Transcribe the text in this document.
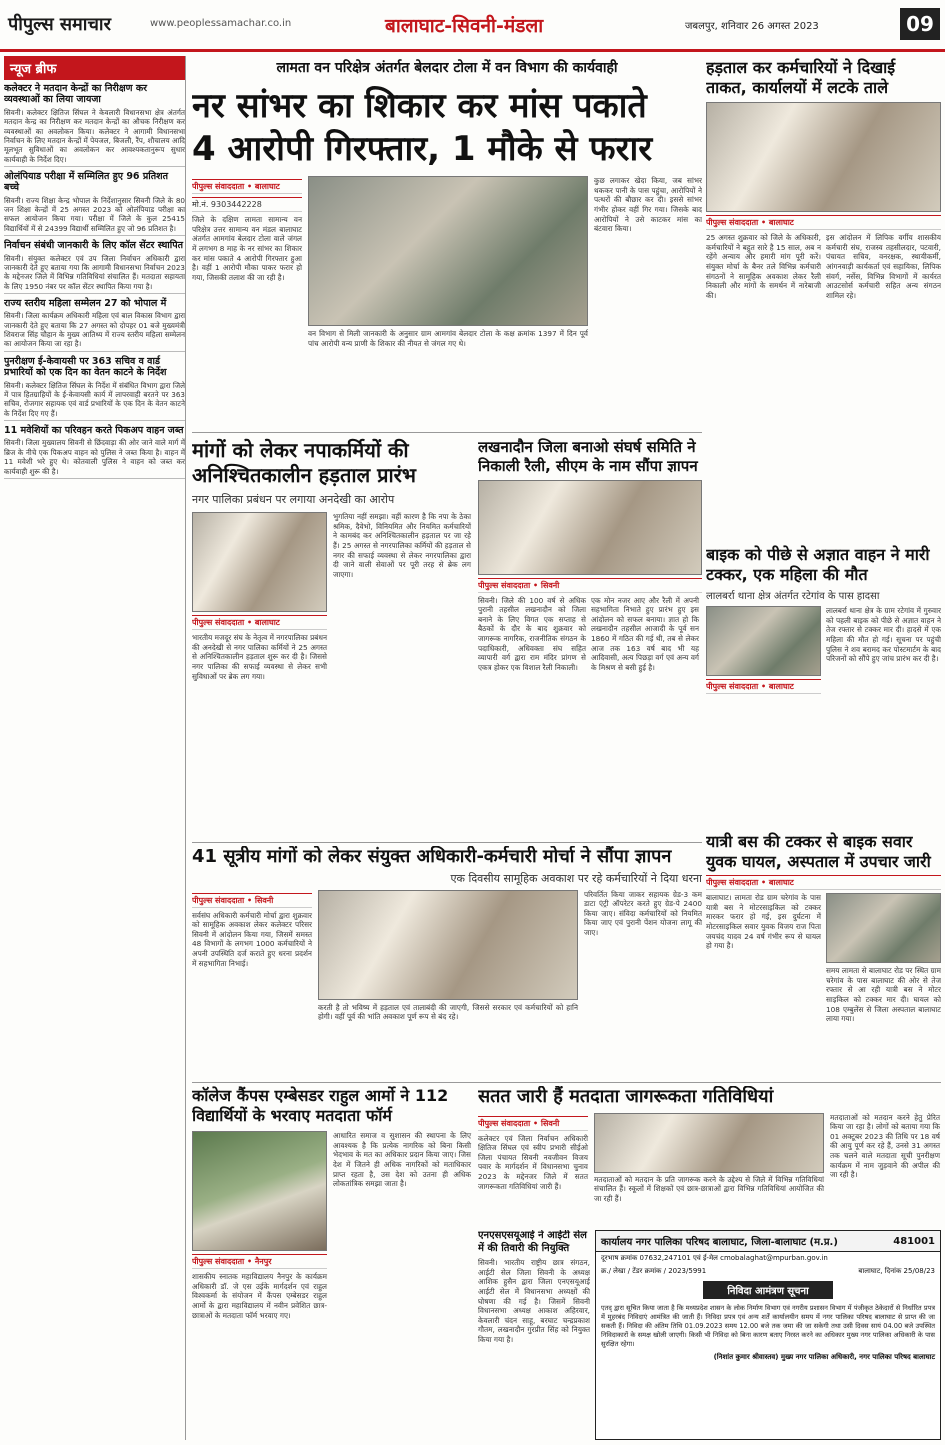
पीपुल्स समाचार	www.peoplessamachar.co.in	बालाघाट-सिवनी-मंडला	जबलपुर, शनिवार 26 अगस्त 2023	09
न्यूज ब्रीफ
कलेक्टर ने मतदान केन्द्रों का निरीक्षण कर व्यवस्थाओं का लिया जायजा

सिवनी। कलेक्टर क्षितिज सिंघल ने केवलारी विधानसभा क्षेत्र अंतर्गत मतदान केन्द्र का निरीक्षण कर मतदान केन्द्रों का औचक निरीक्षण कर व्यवस्थाओं का अवलोकन किया। कलेक्टर ने आगामी विधानसभा निर्वाचन के लिए मतदान केन्द्रों में पेयजल, बिजली, रैंप, शौचालय आदि मूलभूत सुविधाओं का अवलोकन कर आवश्यकतानुरूप सुधार कार्यवाही के निर्देश दिए।

ओलंपियाड परीक्षा में सम्मिलित हुए 96 प्रतिशत बच्चे

सिवनी। राज्य शिक्षा केन्द्र भोपाल के निर्देशानुसार सिवनी जिले के 80 जन शिक्षा केन्द्रों में 25 अगस्त 2023 को ओलंपियाड परीक्षा का सफल आयोजन किया गया। परीक्षा में जिले के कुल 25415 विद्यार्थियों में से 24399 विद्यार्थी सम्मिलित हुए जो 96 प्रतिशत है।

निर्वाचन संबंधी जानकारी के लिए कॉल सेंटर स्थापित

सिवनी। संयुक्त कलेक्टर एवं उप जिला निर्वाचन अधिकारी द्वारा जानकारी देते हुए बताया गया कि आगामी विधानसभा निर्वाचन 2023 के मद्देनजर जिले में विभिन्न गतिविधियां संचालित हैं। मतदाता सहायता के लिए 1950 नंबर पर कॉल सेंटर स्थापित किया गया है।

राज्य स्तरीय महिला सम्मेलन 27 को भोपाल में

सिवनी। जिला कार्यक्रम अधिकारी महिला एवं बाल विकास विभाग द्वारा जानकारी देते हुए बताया कि 27 अगस्त को दोपहर 01 बजे मुख्यमंत्री शिवराज सिंह चौहान के मुख्य आतिथ्य में राज्य स्तरीय महिला सम्मेलन का आयोजन किया जा रहा है।

पुनरीक्षण ई-केवायसी पर 363 सचिव व वार्ड प्रभारियों को एक दिन का वेतन काटने के निर्देश

सिवनी। कलेक्टर क्षितिज सिंघल के निर्देश में संबंधित विभाग द्वारा जिले में पात्र हितग्राहियों के ई-केवायसी कार्य में लापरवाही बरतने पर 363 सचिव, रोजगार सहायक एवं वार्ड प्रभारियों के एक दिन के वेतन काटने के निर्देश दिए गए हैं।

11 मवेशियों का परिवहन करते पिकअप वाहन जब्त

सिवनी। जिला मुख्यालय सिवनी से छिंदवाड़ा की ओर जाने वाले मार्ग में ब्रिज के नीचे एक पिकअप वाहन को पुलिस ने जब्त किया है। वाहन में 11 मवेशी भरे हुए थे। कोतवाली पुलिस ने वाहन को जब्त कर कार्यवाही शुरू की है।

लामता वन परिक्षेत्र अंतर्गत बेलदार टोला में वन विभाग की कार्यवाही
नर सांभर का शिकार कर मांस पकाते
4 आरोपी गिरफ्तार, 1 मौके से फरार
पीपुल्स संवाददाता • बालाघाट
मो.नं. 9303442228
जिले के दक्षिण लामता सामान्य वन परिक्षेत्र उत्तर सामान्य वन मंडल बालाघाट अंतर्गत आमगांव बेलदार टोला वाले जंगल में लगभग 8 माह के नर सांभर का शिकार कर मांस पकाते 4 आरोपी गिरफ्तार हुआ है। वहीं 1 आरोपी मौका पाकर फरार हो गया, जिसकी तलाश की जा रही है।
वन विभाग से मिली जानकारी के अनुसार ग्राम आमगांव बेलदार टोला के कक्ष क्रमांक 1397 में दिन पूर्व पांच आरोपी वन्य प्राणी के शिकार की नीयत से जंगल गए थे।
कुछ लगाकर खेदा किया, जब सांभर थककर पानी के पास पहुंचा, आरोपियों ने पत्थरों की बौछार कर दी। इससे सांभर गंभीर होकर वहीं गिर गया। जिसके बाद आरोपियों ने उसे काटकर मांस का बंटवारा किया।
हड़ताल कर कर्मचारियों ने दिखाई ताकत, कार्यालयों में लटके ताले
पीपुल्स संवाददाता • बालाघाट
25 अगस्त शुक्रवार को जिले के अधिकारी, कर्मचारियों ने बहुत सारे है 15 साल, अब न रहेंगे अन्याय और हमारी मांग पूरी करें। संयुक्त मोर्चा के बैनर तले विभिन्न कर्मचारी संगठनों ने सामूहिक अवकाश लेकर रैली निकाली और मांगों के समर्थन में नारेबाजी की।
इस आंदोलन में लिपिक वर्गीय शासकीय कर्मचारी संघ, राजस्व तहसीलदार, पटवारी, पंचायत सचिव, वनरक्षक, स्थायीकर्मी, आंगनवाड़ी कार्यकर्ता एवं सहायिका, लिपिक संवर्ग, नर्सेस, विभिन्न विभागों में कार्यरत आउटसोर्स कर्मचारी सहित अन्य संगठन शामिल रहे।
मांगों को लेकर नपाकर्मियों की अनिश्चितकालीन हड़ताल प्रारंभ
नगर पालिका प्रबंधन पर लगाया अनदेखी का आरोप
पीपुल्स संवाददाता • बालाघाट
भारतीय मजदूर संघ के नेतृत्व में नगरपालिका प्रबंधन की अनदेखी से नगर पालिका कर्मियों ने 25 अगस्त से अनिश्चितकालीन हड़ताल शुरू कर दी है। जिससे नगर पालिका की सफाई व्यवस्था से लेकर सभी सुविधाओं पर ब्रेक लग गया।
भुगतिया नहीं समझा। वहीं कारण है कि नपा के ठेका श्रमिक, दैवेभो, विनियमित और नियमित कर्मचारियों ने कामबंद कर अनिश्चितकालीन हड़ताल पर जा रहे हैं। 25 अगस्त से नगरपालिका कर्मियों की हड़ताल से नगर की सफाई व्यवस्था से लेकर नगरपालिका द्वारा दी जाने वाली सेवाओं पर पूरी तरह से ब्रेक लग जाएगा।
लखनादौन जिला बनाओ संघर्ष समिति ने निकाली रैली, सीएम के नाम सौंपा ज्ञापन
पीपुल्स संवाददाता • सिवनी
सिवनी। जिले की 100 वर्ष से अधिक पुरानी तहसील लखनादौन को जिला बनाने के लिए विगत एक सप्ताह से बैठकों के दौर के बाद शुक्रवार को जागरूक नागरिक, राजनीतिक संगठन के पदाधिकारी, अधिवक्ता संघ सहित व्यापारी वर्ग द्वारा राम मंदिर प्रांगण से एकत्र होकर एक विशाल रैली निकाली।
एक मोन नजर आए और रैली में अपनी सहभागिता निभाते हुए प्रारंभ हुए इस आंदोलन को सफल बनाया। ज्ञात हो कि लखनादौन तहसील आजादी के पूर्व सन 1860 में गठित की गई थी, तब से लेकर आज तक 163 वर्ष बाद भी यह आदिवासी, अत्य पिछड़ा वर्ग एवं अन्य वर्ग के मिश्रण से बसी हुई है।
बाइक को पीछे से अज्ञात वाहन ने मारी टक्कर, एक महिला की मौत
लालबर्रा थाना क्षेत्र अंतर्गत रटेगांव के पास हादसा
पीपुल्स संवाददाता • बालाघाट
लालबर्रा थाना क्षेत्र के ग्राम रटेगांव में गुरुवार को पहली बाइक को पीछे से अज्ञात वाहन ने तेज रफ्तार से टक्कर मार दी। हादसे में एक महिला की मौत हो गई। सूचना पर पहुंची पुलिस ने शव बरामद कर पोस्टमार्टम के बाद परिजनों को सौंपे हुए जांच प्रारंभ कर दी है।
41 सूत्रीय मांगों को लेकर संयुक्त अधिकारी-कर्मचारी मोर्चा ने सौंपा ज्ञापन
एक दिवसीय सामूहिक अवकाश पर रहे कर्मचारियों ने दिया धरना
पीपुल्स संवाददाता • सिवनी
सर्वसंघ अधिकारी कर्मचारी मोर्चा द्वारा शुक्रवार को सामूहिक अवकाश लेकर कलेक्टर परिसर सिवनी में आंदोलन किया गया, जिसमें समस्त 48 विभागों के लगभग 1000 कर्मचारियों ने अपनी उपस्थिति दर्ज कराते हुए धरना प्रदर्शन में सहभागिता निभाई।
करती है तो भविष्य में हड़ताल एवं तालाबंदी की जाएगी, जिससे सरकार एवं कर्मचारियों को हानि होगी। वहीं पूर्व की भांति अवकाश पूर्ण रूप से बंद रहे।
परिवर्तित किया जाकर सहायक ग्रेड-3 कम डाटा एंट्री ऑपरेटर करते हुए ग्रेड-पे 2400 किया जाए। संविदा कर्मचारियों को नियमित किया जाए एवं पुरानी पेंशन योजना लागू की जाए।
यात्री बस की टक्कर से बाइक सवार युवक घायल, अस्पताल में उपचार जारी
पीपुल्स संवाददाता • बालाघाट
बालाघाट। लामता रोड ग्राम चरेगांव के पास यात्री बस ने मोटरसाइकिल को टक्कर मारकर फरार हो गई, इस दुर्घटना में मोटरसाइकिल सवार युवक विजय राज पिता जयचंद यादव 24 वर्ष गंभीर रूप से घायल हो गया है।
समय लामता से बालाघाट रोड पर स्थित ग्राम चरेगांव के पास बालाघाट की ओर से तेज रफ्तार से आ रही यात्री बस ने मोटर साइकिल को टक्कर मार दी। घायल को 108 एम्बुलेंस से जिला अस्पताल बालाघाट लाया गया।
कॉलेज कैंपस एम्बेसडर राहुल आर्मो ने 112 विद्यार्थियों के भरवाए मतदाता फॉर्म
पीपुल्स संवाददाता • नैनपुर
शासकीय स्नातक महाविद्यालय नैनपुर के कार्यक्रम अधिकारी डॉ. जे एस उईके मार्गदर्शन एवं राहुल विश्वकर्मा के संयोजन में कैंपस एम्बेसडर राहुल आर्मो के द्वारा महाविद्यालय में नवीन प्रवेशित छात्र-छात्राओं के मतदाता फॉर्म भरवाए गए।
आधारित समाज व सुशासन की स्थापना के लिए आवश्यक है कि प्रत्येक नागरिक को बिना किसी भेदभाव के मत का अधिकार प्रदान किया जाए। जिस देश में जितने ही अधिक नागरिकों को मताधिकार प्राप्त रहता है, उस देश को उतना ही अधिक लोकतांत्रिक समझा जाता है।
सतत जारी हैं मतदाता जागरूकता गतिविधियां
पीपुल्स संवाददाता • सिवनी
कलेक्टर एवं जिला निर्वाचन अधिकारी क्षितिज सिंघल एवं स्वीप प्रभारी सीईओ जिला पंचायत सिवनी नवजीवन विजय पवार के मार्गदर्शन में विधानसभा चुनाव 2023 के मद्देनजर जिले में सतत जागरूकता गतिविधियां जारी हैं।
मतदाताओं को मतदान के प्रति जागरूक करने के उद्देश्य से जिले में विभिन्न गतिविधियां संचालित हैं। स्कूलों में शिक्षकों एवं छात्र-छात्राओं द्वारा विभिन्न गतिविधियां आयोजित की जा रही हैं।
मतदाताओं को मतदान करने हेतु प्रेरित किया जा रहा है। लोगों को बताया गया कि 01 अक्टूबर 2023 की तिथि पर 18 वर्ष की आयु पूर्ण कर रहे हैं, उनसे 31 अगस्त तक चलने वाले मतदाता सूची पुनरीक्षण कार्यक्रम में नाम जुड़वाने की अपील की जा रही है।
एनएसएसयूआई ने आईटी सेल में की तिवारी की नियुक्ति
सिवनी। भारतीय राष्ट्रीय छात्र संगठन, आईटी सेल जिला सिवनी के अध्यक्ष आशिक हुसैन द्वारा जिला एनएसयूआई आईटी सेल में विधानसभा अध्यक्षों की घोषणा की गई है। जिसमें सिवनी विधानसभा अध्यक्ष आकाश अहिरवार, केवलारी चंदन साहू, बरघाट चन्द्रप्रकाश गौतम, लखनादौन गुरप्रीत सिंह को नियुक्त किया गया है।
कार्यालय नगर पालिका परिषद बालाघाट, जिला-बालाघाट (म.प्र.)	481001
दूरभाष क्रमांक 07632,247101 एवं ई-मेल cmobalaghat@mpurban.gov.in
क्र./ लेखा / टेंडर क्रमांक / 2023/5991	बालाघाट, दिनांक 25/08/23
निविदा आमंत्रण सूचना
एतद् द्वारा सूचित किया जाता है कि मध्यप्रदेश शासन के लोक निर्माण विभाग एवं नगरीय प्रशासन विभाग में पंजीकृत ठेकेदारों से निर्धारित प्रपत्र में मुहरबंद निविदाएं आमंत्रित की जाती हैं। निविदा प्रपत्र एवं अन्य शर्तें कार्यालयीन समय में नगर पालिका परिषद बालाघाट से प्राप्त की जा सकती हैं। निविदा की अंतिम तिथि 01.09.2023 समय 12.00 बजे तक जमा की जा सकेगी तथा उसी दिवस सायं 04.00 बजे उपस्थित निविदाकारों के समक्ष खोली जाएगी। किसी भी निविदा को बिना कारण बताए निरस्त करने का अधिकार मुख्य नगर पालिका अधिकारी के पास सुरक्षित रहेगा।
(निशांत कुमार श्रीवास्तव) मुख्य नगर पालिका अधिकारी, नगर पालिका परिषद बालाघाट
